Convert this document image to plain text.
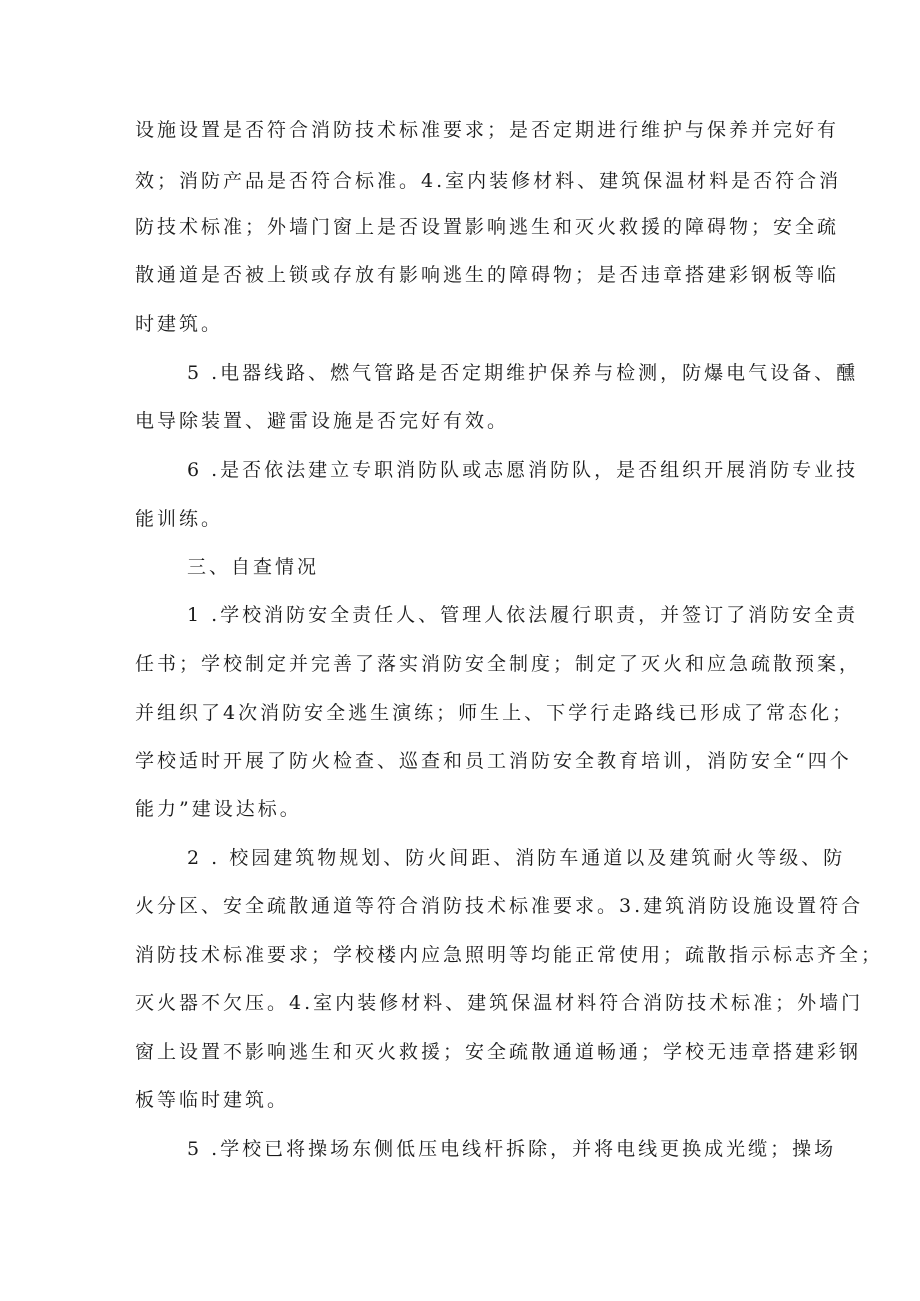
设施设置是否符合消防技术标准要求；是否定期进行维护与保养并完好有
效；消防产品是否符合标准。4.室内装修材料、建筑保温材料是否符合消
防技术标准；外墙门窗上是否设置影响逃生和灭火救援的障碍物；安全疏
散通道是否被上锁或存放有影响逃生的障碍物；是否违章搭建彩钢板等临
时建筑。
5 .电器线路、燃气管路是否定期维护保养与检测，防爆电气设备、醺
电导除装置、避雷设施是否完好有效。
6 .是否依法建立专职消防队或志愿消防队，是否组织开展消防专业技
能训练。
三、自查情况
1 .学校消防安全责任人、管理人依法履行职责，并签订了消防安全责
任书；学校制定并完善了落实消防安全制度；制定了灭火和应急疏散预案，
并组织了4次消防安全逃生演练；师生上、下学行走路线已形成了常态化；
学校适时开展了防火检查、巡查和员工消防安全教育培训，消防安全“四个
能力”建设达标。
2 . 校园建筑物规划、防火间距、消防车通道以及建筑耐火等级、防
火分区、安全疏散通道等符合消防技术标准要求。3.建筑消防设施设置符合
消防技术标准要求；学校楼内应急照明等均能正常使用；疏散指示标志齐全；
灭火器不欠压。4.室内装修材料、建筑保温材料符合消防技术标准；外墙门
窗上设置不影响逃生和灭火救援；安全疏散通道畅通；学校无违章搭建彩钢
板等临时建筑。
5 .学校已将操场东侧低压电线杆拆除，并将电线更换成光缆；操场
